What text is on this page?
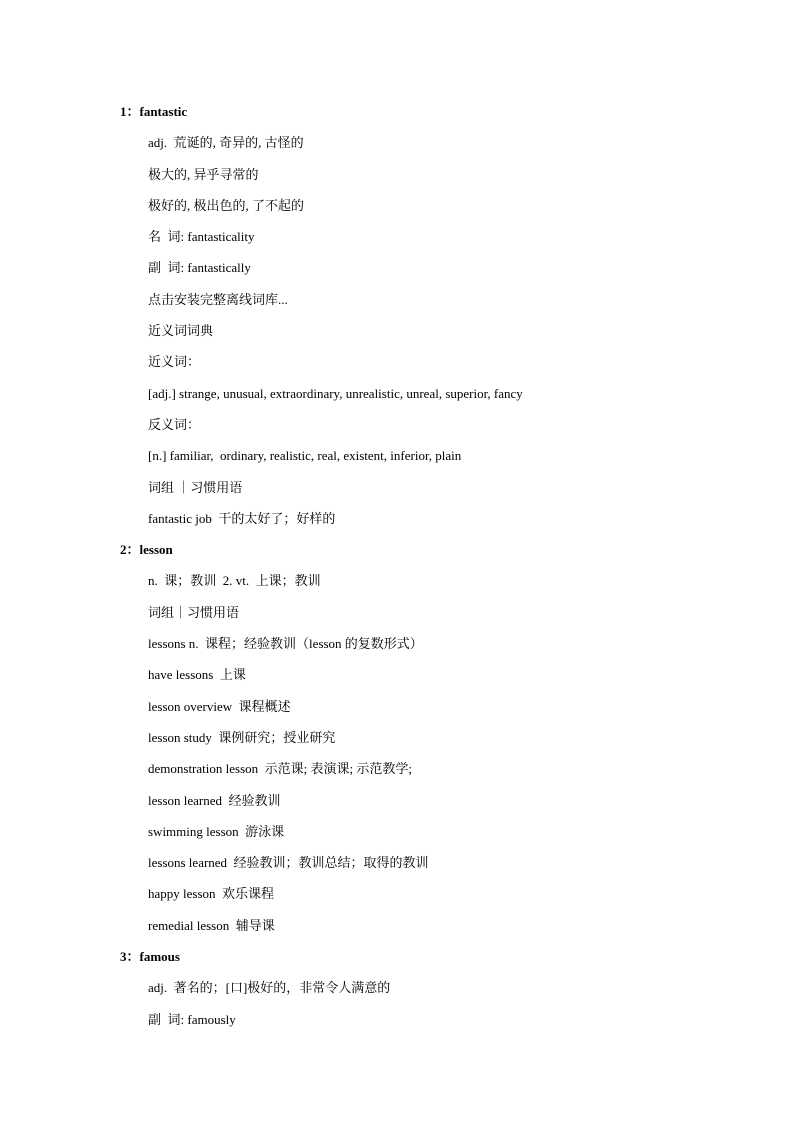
1：fantastic
adj.  荒诞的, 奇异的, 古怪的
极大的, 异乎寻常的
极好的, 极出色的, 了不起的
名  词: fantasticality
副  词: fantastically
点击安装完整离线词库...
近义词词典
近义词：
[adj.] strange, unusual, extraordinary, unrealistic, unreal, superior, fancy
反义词：
[n.] familiar,  ordinary, realistic, real, existent, inferior, plain
词组 ｜习惯用语
fantastic job  干的太好了；好样的
2：lesson
n.  课；教训  2. vt.  上课；教训
词组｜习惯用语
lessons n.  课程；经验教训（lesson 的复数形式）
have lessons  上课
lesson overview  课程概述
lesson study  课例研究；授业研究
demonstration lesson  示范课; 表演课; 示范教学;
lesson learned  经验教训
swimming lesson  游泳课
lessons learned  经验教训；教训总结；取得的教训
happy lesson  欢乐课程
remedial lesson  辅导课
3：famous
adj.  著名的；[口]极好的，非常令人满意的
副  词: famously
